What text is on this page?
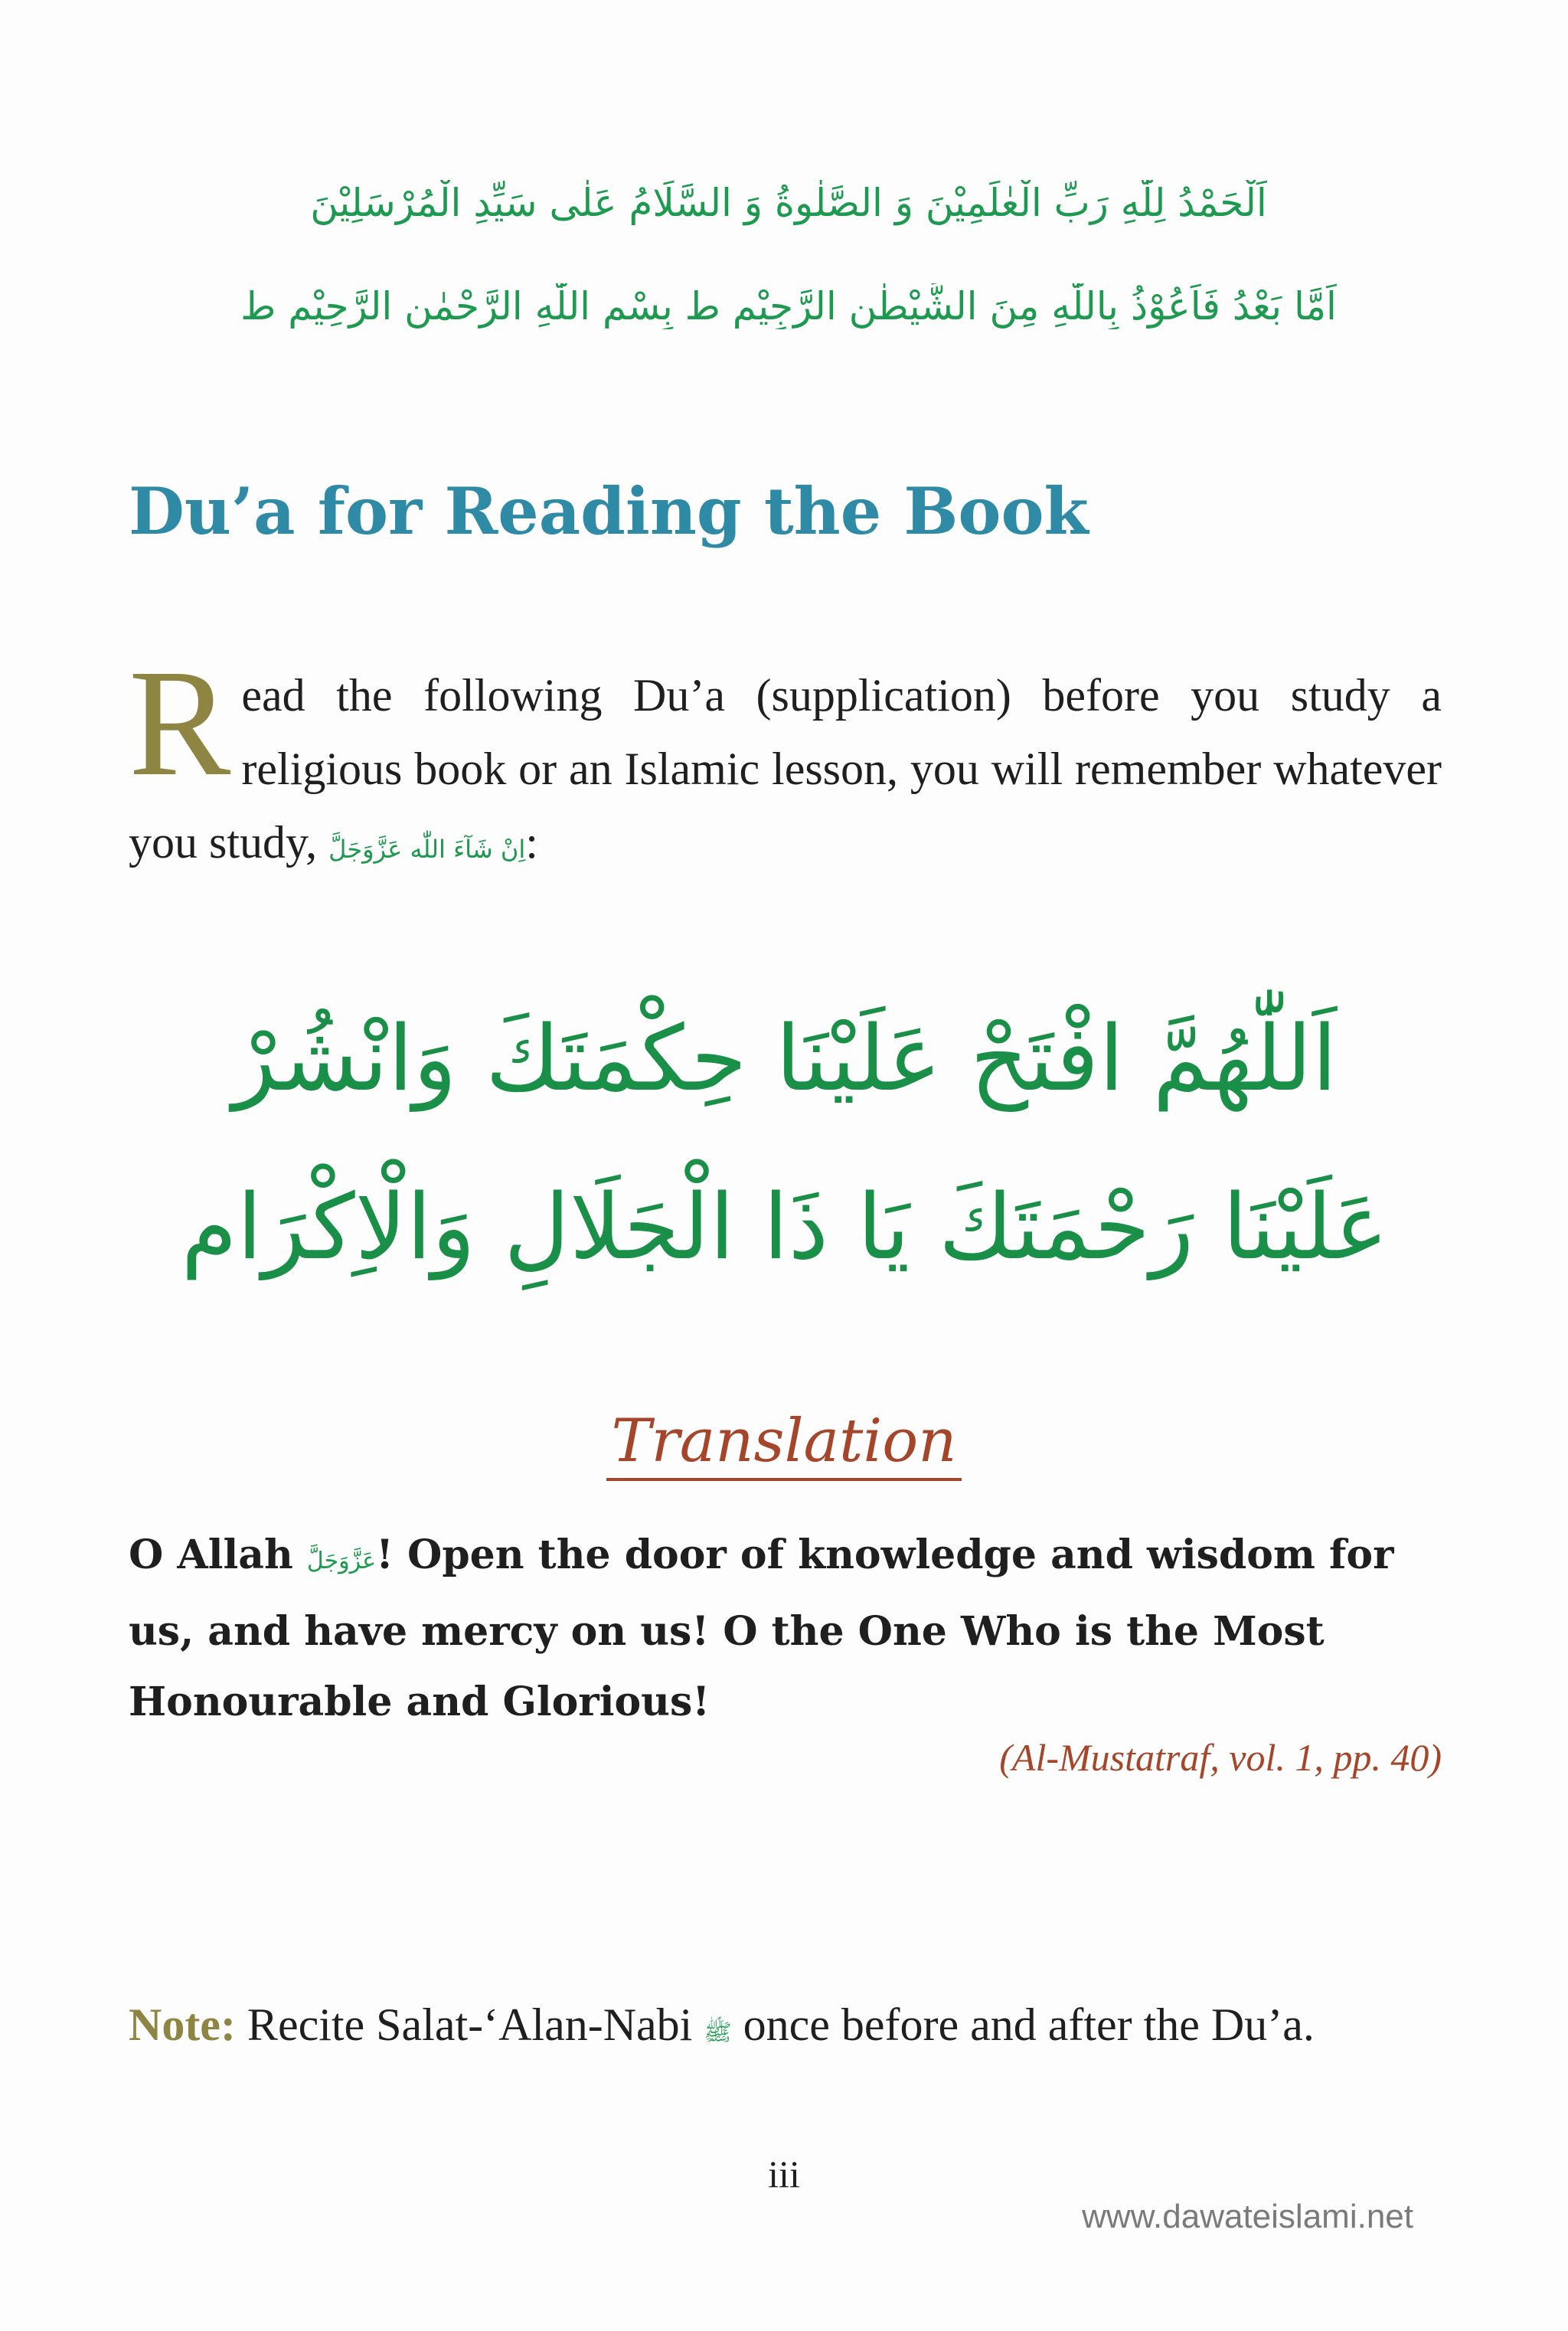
اَلْحَمْدُ لِلّٰهِ رَبِّ الْعٰلَمِیْنَ وَ الصَّلٰوةُ وَ السَّلَامُ عَلٰی سَیِّدِ الْمُرْسَلِیْنَ
اَمَّا بَعْدُ فَاَعُوْذُ بِاللّٰهِ مِنَ الشَّیْطٰنِ الرَّجِیْمِ ط بِسْمِ اللّٰهِ الرَّحْمٰنِ الرَّحِیْمِ ط
Du’a for Reading the Book

Read the following Du’a (supplication) before you study a religious book or an Islamic lesson, you will remember whatever you study, اِنْ شَآءَ اللّٰه عَزَّوَجَلَّ:

اَللّٰهُمَّ افْتَحْ عَلَيْنَا حِكْمَتَكَ وَانْشُرْ
عَلَيْنَا رَحْمَتَكَ يَا ذَا الْجَلَالِ وَالْاِكْرَام
Translation

O Allah عَزَّوَجَلَّ! Open the door of knowledge and wisdom for us, and have mercy on us! O the One Who is the Most Honourable and Glorious!

(Al-Mustatraf, vol. 1, pp. 40)

Note: Recite Salat-‘Alan-Nabi ﷺ once before and after the Du’a.

iii

www.dawateislami.net
